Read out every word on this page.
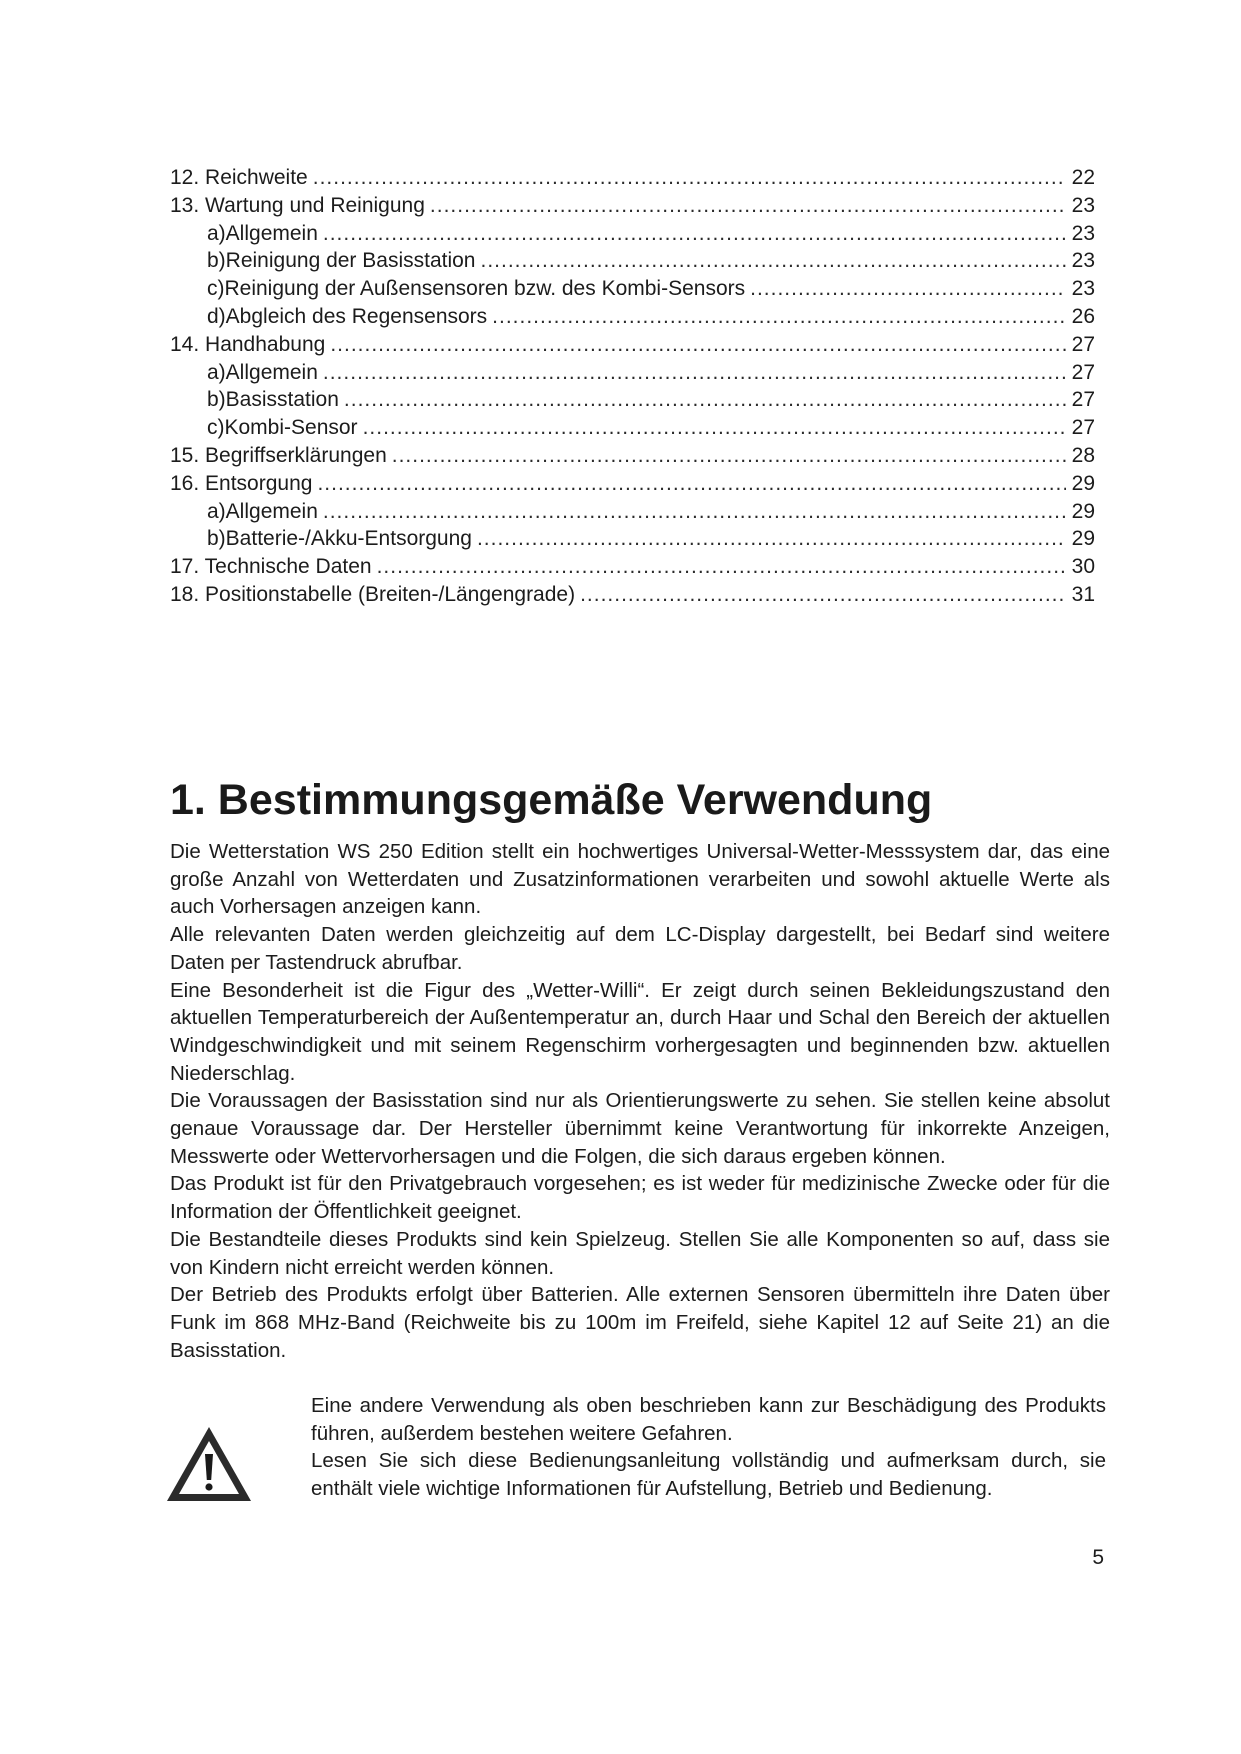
12. Reichweite .....	22
13. Wartung und Reinigung .....	23
a)Allgemein .....	23
b)Reinigung der Basisstation .....	23
c)Reinigung der Außensensoren bzw. des Kombi-Sensors .....	23
d)Abgleich des Regensensors .....	26
14. Handhabung .....	27
a)Allgemein .....	27
b)Basisstation .....	27
c)Kombi-Sensor .....	27
15. Begriffserklärungen .....	28
16. Entsorgung .....	29
a)Allgemein .....	29
b)Batterie-/Akku-Entsorgung .....	29
17. Technische Daten .....	30
18. Positionstabelle (Breiten-/Längengrade) .....	31
1. Bestimmungsgemäße Verwendung

Die Wetterstation WS 250 Edition stellt ein hochwertiges Universal-Wetter-Messsystem dar, das eine große Anzahl von Wetterdaten und Zusatzinformationen verarbeiten und sowohl aktuelle Werte als auch Vorhersagen anzeigen kann.

Alle relevanten Daten werden gleichzeitig auf dem LC-Display dargestellt, bei Bedarf sind weitere Daten per Tastendruck abrufbar.

Eine Besonderheit ist die Figur des „Wetter-Willi“. Er zeigt durch seinen Bekleidungszustand den aktuellen Temperaturbereich der Außentemperatur an, durch Haar und Schal den Bereich der aktuellen Windgeschwindigkeit und mit seinem Regenschirm vorhergesagten und beginnenden bzw. aktuellen Niederschlag.

Die Voraussagen der Basisstation sind nur als Orientierungswerte zu sehen. Sie stellen keine absolut genaue Voraussage dar. Der Hersteller übernimmt keine Verantwortung für inkorrekte Anzeigen, Messwerte oder Wettervorhersagen und die Folgen, die sich daraus ergeben können.

Das Produkt ist für den Privatgebrauch vorgesehen; es ist weder für medizinische Zwecke oder für die Information der Öffentlichkeit geeignet.

Die Bestandteile dieses Produkts sind kein Spielzeug. Stellen Sie alle Komponenten so auf, dass sie von Kindern nicht erreicht werden können.

Der Betrieb des Produkts erfolgt über Batterien. Alle externen Sensoren übermitteln ihre Daten über Funk im 868 MHz-Band (Reichweite bis zu 100m im Freifeld, siehe Kapitel 12 auf Seite 21) an die Basisstation.

Eine andere Verwendung als oben beschrieben kann zur Beschädigung des Produkts führen, außerdem bestehen weitere Gefahren.

Lesen Sie sich diese Bedienungsanleitung vollständig und aufmerksam durch, sie enthält viele wichtige Informationen für Aufstellung, Betrieb und Bedienung.

5
